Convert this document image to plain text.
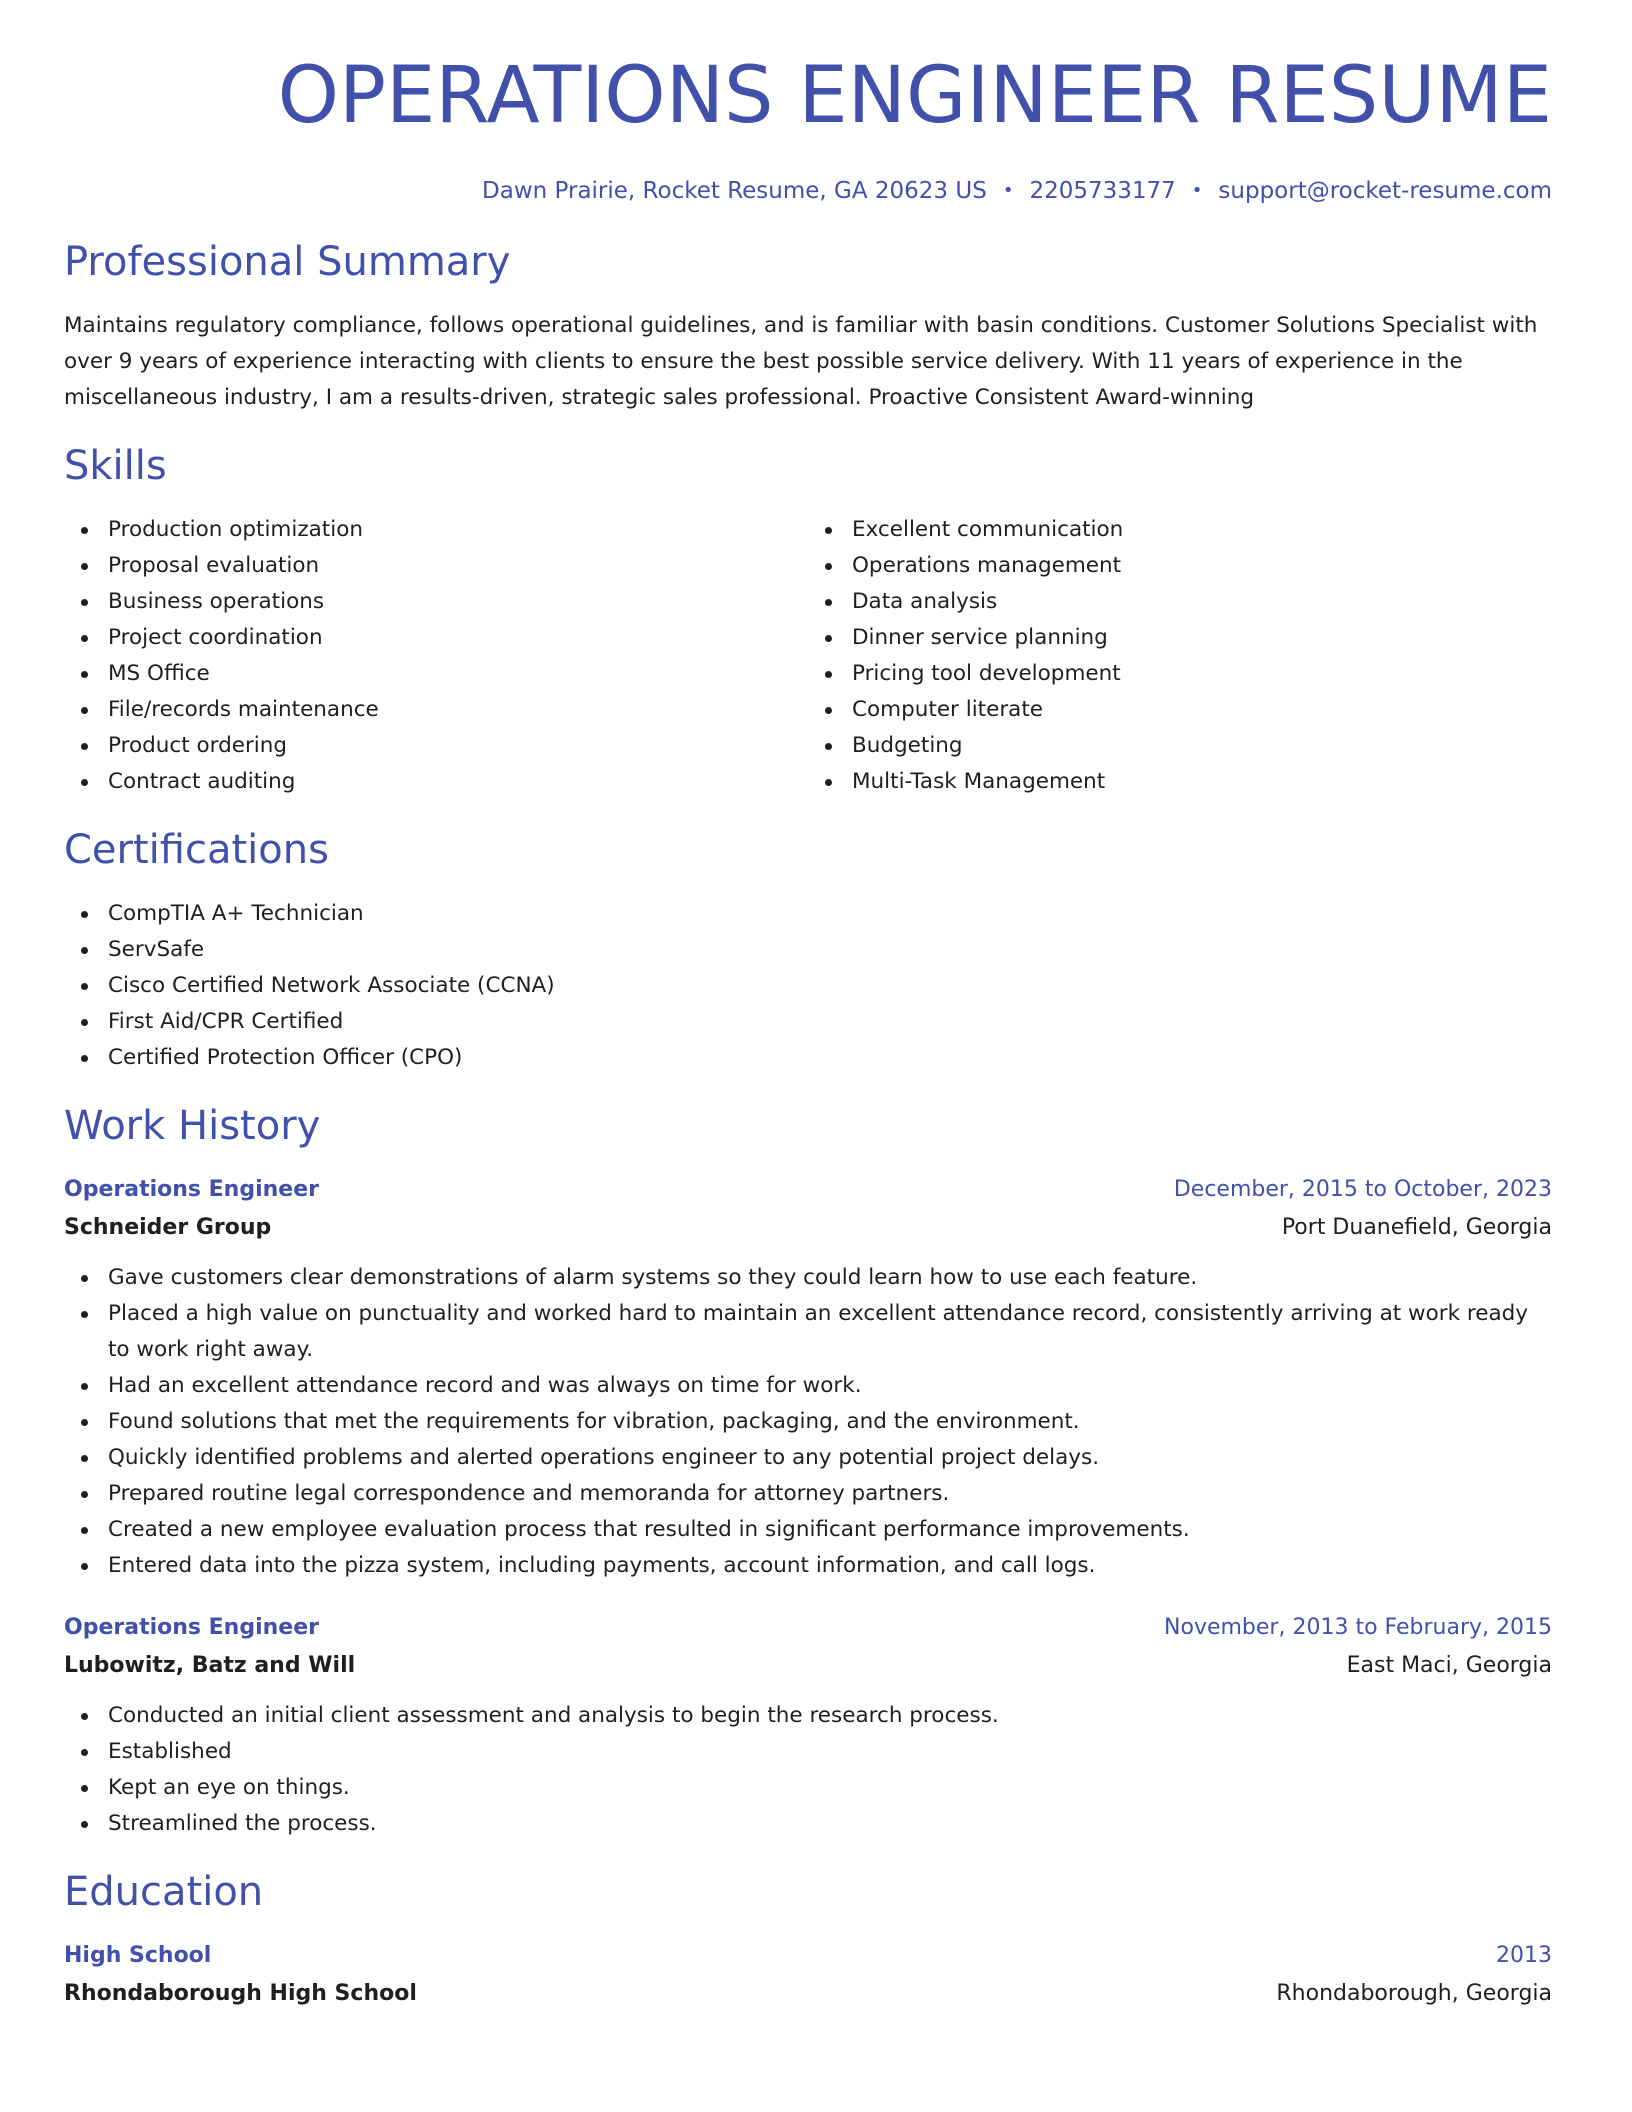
OPERATIONS ENGINEER RESUME
Dawn Prairie, Rocket Resume, GA 20623 US • 2205733177 • support@rocket-resume.com
Professional Summary

Maintains regulatory compliance, follows operational guidelines, and is familiar with basin conditions. Customer Solutions Specialist with over 9 years of experience interacting with clients to ensure the best possible service delivery. With 11 years of experience in the miscellaneous industry, I am a results-driven, strategic sales professional. Proactive Consistent Award-winning

Skills
Production optimization
Proposal evaluation
Business operations
Project coordination
MS Office
File/records maintenance
Product ordering
Contract auditing
Excellent communication
Operations management
Data analysis
Dinner service planning
Pricing tool development
Computer literate
Budgeting
Multi-Task Management
Certifications
CompTIA A+ Technician
ServSafe
Cisco Certified Network Associate (CCNA)
First Aid/CPR Certified
Certified Protection Officer (CPO)
Work History
Operations Engineer	December, 2015 to October, 2023
Schneider Group	Port Duanefield, Georgia
Gave customers clear demonstrations of alarm systems so they could learn how to use each feature.
Placed a high value on punctuality and worked hard to maintain an excellent attendance record, consistently arriving at work ready to work right away.
Had an excellent attendance record and was always on time for work.
Found solutions that met the requirements for vibration, packaging, and the environment.
Quickly identified problems and alerted operations engineer to any potential project delays.
Prepared routine legal correspondence and memoranda for attorney partners.
Created a new employee evaluation process that resulted in significant performance improvements.
Entered data into the pizza system, including payments, account information, and call logs.
Operations Engineer	November, 2013 to February, 2015
Lubowitz, Batz and Will	East Maci, Georgia
Conducted an initial client assessment and analysis to begin the research process.
Established
Kept an eye on things.
Streamlined the process.
Education
High School	2013
Rhondaborough High School	Rhondaborough, Georgia
